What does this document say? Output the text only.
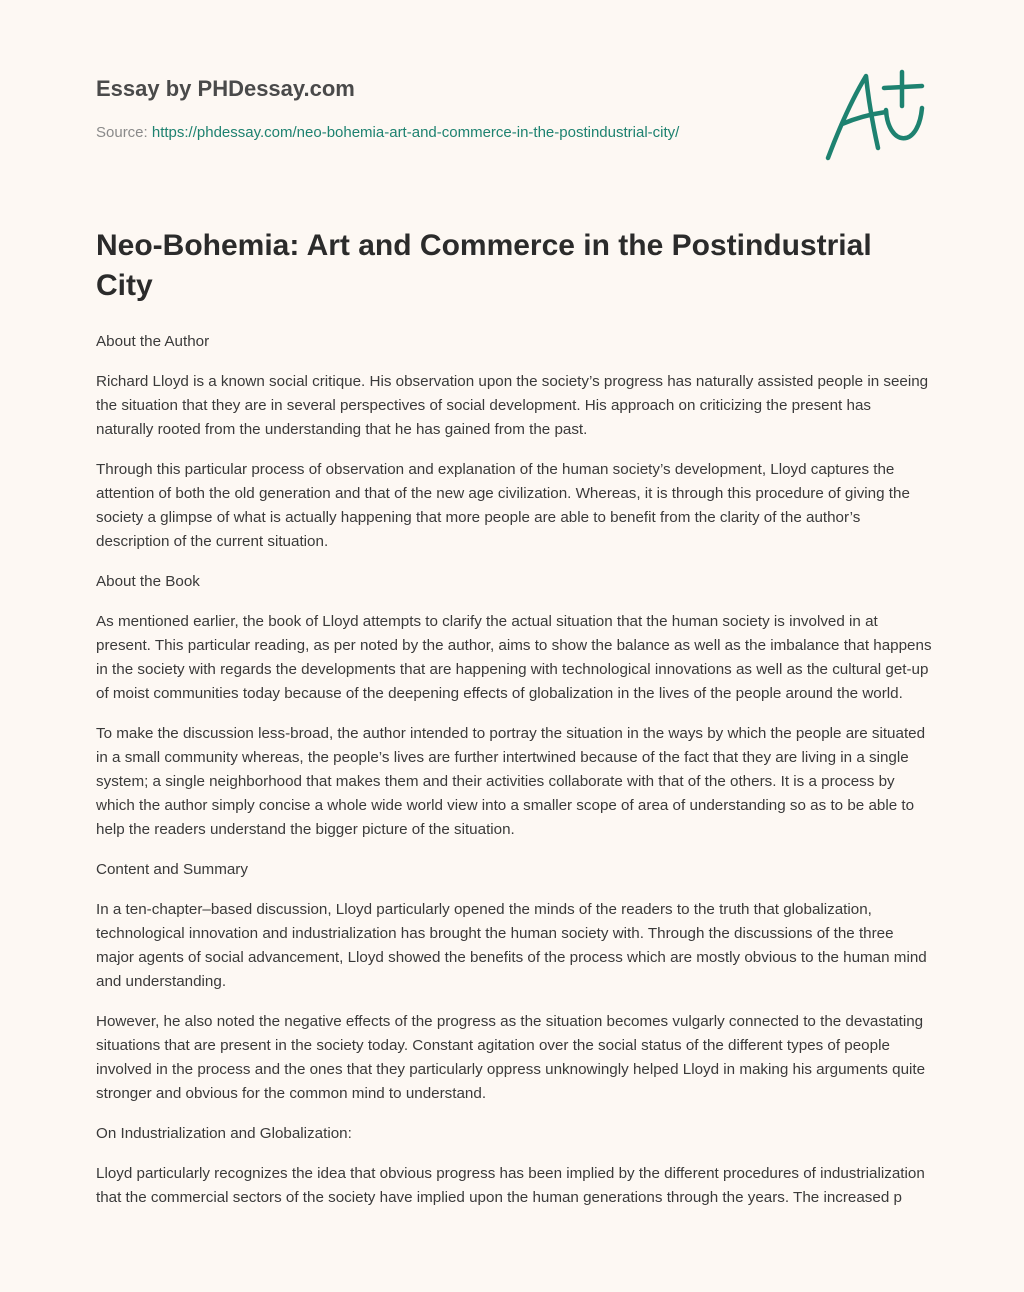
Essay by PHDessay.com
Source: https://phdessay.com/neo-bohemia-art-and-commerce-in-the-postindustrial-city/
Neo-Bohemia: Art and Commerce in the Postindustrial City

About the Author

Richard Lloyd is a known social critique. His observation upon the society’s progress has naturally assisted people in seeing the situation that they are in several perspectives of social development. His approach on criticizing the present has naturally rooted from the understanding that he has gained from the past.

Through this particular process of observation and explanation of the human society’s development, Lloyd captures the attention of both the old generation and that of the new age civilization. Whereas, it is through this procedure of giving the society a glimpse of what is actually happening that more people are able to benefit from the clarity of the author’s description of the current situation.

About the Book

As mentioned earlier, the book of Lloyd attempts to clarify the actual situation that the human society is involved in at present. This particular reading, as per noted by the author, aims to show the balance as well as the imbalance that happens in the society with regards the developments that are happening with technological innovations as well as the cultural get-up of moist communities today because of the deepening effects of globalization in the lives of the people around the world.

To make the discussion less-broad, the author intended to portray the situation in the ways by which the people are situated in a small community whereas, the people’s lives are further intertwined because of the fact that they are living in a single system; a single neighborhood that makes them and their activities collaborate with that of the others. It is a process by which the author simply concise a whole wide world view into a smaller scope of area of understanding so as to be able to help the readers understand the bigger picture of the situation.

Content and Summary

In a ten-chapter–based discussion, Lloyd particularly opened the minds of the readers to the truth that globalization, technological innovation and industrialization has brought the human society with. Through the discussions of the three major agents of social advancement, Lloyd showed the benefits of the process which are mostly obvious to the human mind and understanding.

However, he also noted the negative effects of the progress as the situation becomes vulgarly connected to the devastating situations that are present in the society today. Constant agitation over the social status of the different types of people involved in the process and the ones that they particularly oppress unknowingly helped Lloyd in making his arguments quite stronger and obvious for the common mind to understand.

On Industrialization and Globalization:

Lloyd particularly recognizes the idea that obvious progress has been implied by the different procedures of industrialization that the commercial sectors of the society have implied upon the human generations through the years. The increased p
